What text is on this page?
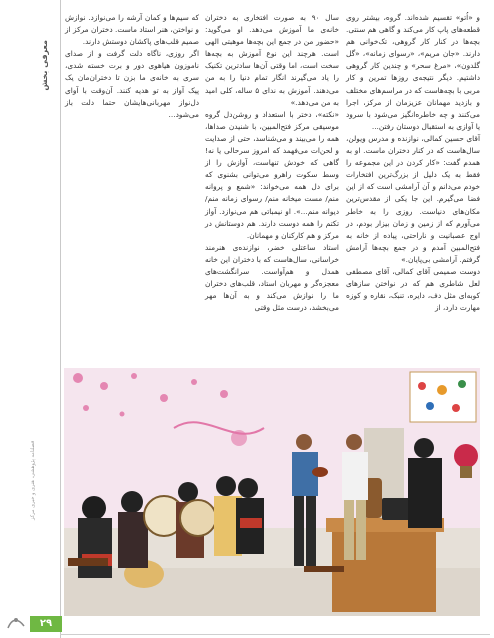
معرفی بخش
فصلنامه پژوهشی، هنری و خبری مرکز

و «اُتو» تقسیم شده‌اند. گروه، بیشتر روی قطعه‌های پاپ کار می‌کند و گاهی هم سنتی. بچه‌ها در کنار کار گروهی، تک‌خوانی هم دارند. «جان مریم»، «رسوای زمانه»، «گل گلدون»، «مرغ سحر» و چندین کار گروهی داشتیم. دیگر نتیجه‌ی روزها تمرین و کار مربی با بچه‌هاست که در مراسم‌های مختلف و بازدید مهمانان عزیزمان از مرکز، اجرا می‌کنند و چه خاطره‌انگیز می‌شود با سرود یا آوازی به استقبال دوستان رفتن...

آقای حسین کمالی، نوازنده و مدرس ویولن، سال‌هاست که در کنار دختران ماست. او به همدم گفت: «کار کردن در این مجموعه را فقط به یک دلیل از بزرگ‌ترین افتخارات خودم می‌دانم و آن آرامشی است که از این فضا می‌گیرم. این جا یکی از مقدس‌ترین مکان‌های دنیاست. روزی را به خاطر می‌آورم که از زمین و زمان بیزار بودم، در اوج عصبانیت و ناراحتی، پیاده از خانه به فتح‌المبین آمدم و در جمع بچه‌ها آرامش گرفتم. آرامشی بی‌پایان.»

دوست صمیمی آقای کمالی، آقای مصطفی لعل شاطری هم که در نواختن سازهای کوبه‌ای مثل دف، دایره، تنبک، نقاره و کوزه مهارت دارد، از

سال ۹۰ به صورت افتخاری به دختران خانه‌ی ما آموزش می‌دهد. او می‌گوید: «حضور من در جمع این بچه‌ها موهبتی الهی است. هرچند این نوع آموزش به بچه‌ها سخت است، اما وقتی آن‌ها سادترین تکنیک را یاد می‌گیرند انگار تمام دنیا را به من می‌دهند. آموزش به ندای ۵ ساله، کلی امید به من می‌دهد.»

«نکته»، دختر با استعداد و روشن‌دل گروه موسیقی مرکز فتح‌المبین، با شنیدن صداها، همه را می‌بیند و می‌شناسد، حتی از صدایت و لحن‌ات می‌فهمد که امروز سرحالی یا نه! گاهی که خودش تنهاست، آوازش را از وسط سکوت راهرو می‌توانی بشنوی که برای دل همه می‌خواند: «شمع و پروانه منم/ مست میخانه منم/ رسوای زمانه منم/ دیوانه منم...». او نیمباتی هم می‌نوازد. آواز تکتم را همه دوست دارند. هم دوستانش در مرکز و هم کارکنان و مهمانان.

استاد ساعتلی خضر، نوازنده‌ی هنرمند خراسانی، سال‌هاست که با دختران این خانه همدل و هم‌آواست. سرانگشت‌های معجزه‌گر و مهربان استاد، قلب‌های دختران ما را نوازش می‌کند و به آن‌ها مهر می‌بخشد، درست مثل وقتی

که سیم‌ها و کمان آرشه را می‌نوازد. نوازش و نواختن، هنر استاد ماست. دختران مرکز از صمیم قلب‌های پاکشان دوستش دارند.

اگر روزی، ناگاه دلت گرفت و از صدای ناموزون هیاهوی دور و برت خسته شدی، سری به خانه‌ی ما بزن تا دختران‌مان یک پیک آواز به تو هدیه کنند. آن‌وقت با آوای دل‌نواز مهربانی‌هایشان حتما دلت باز می‌شود...

۲۹
